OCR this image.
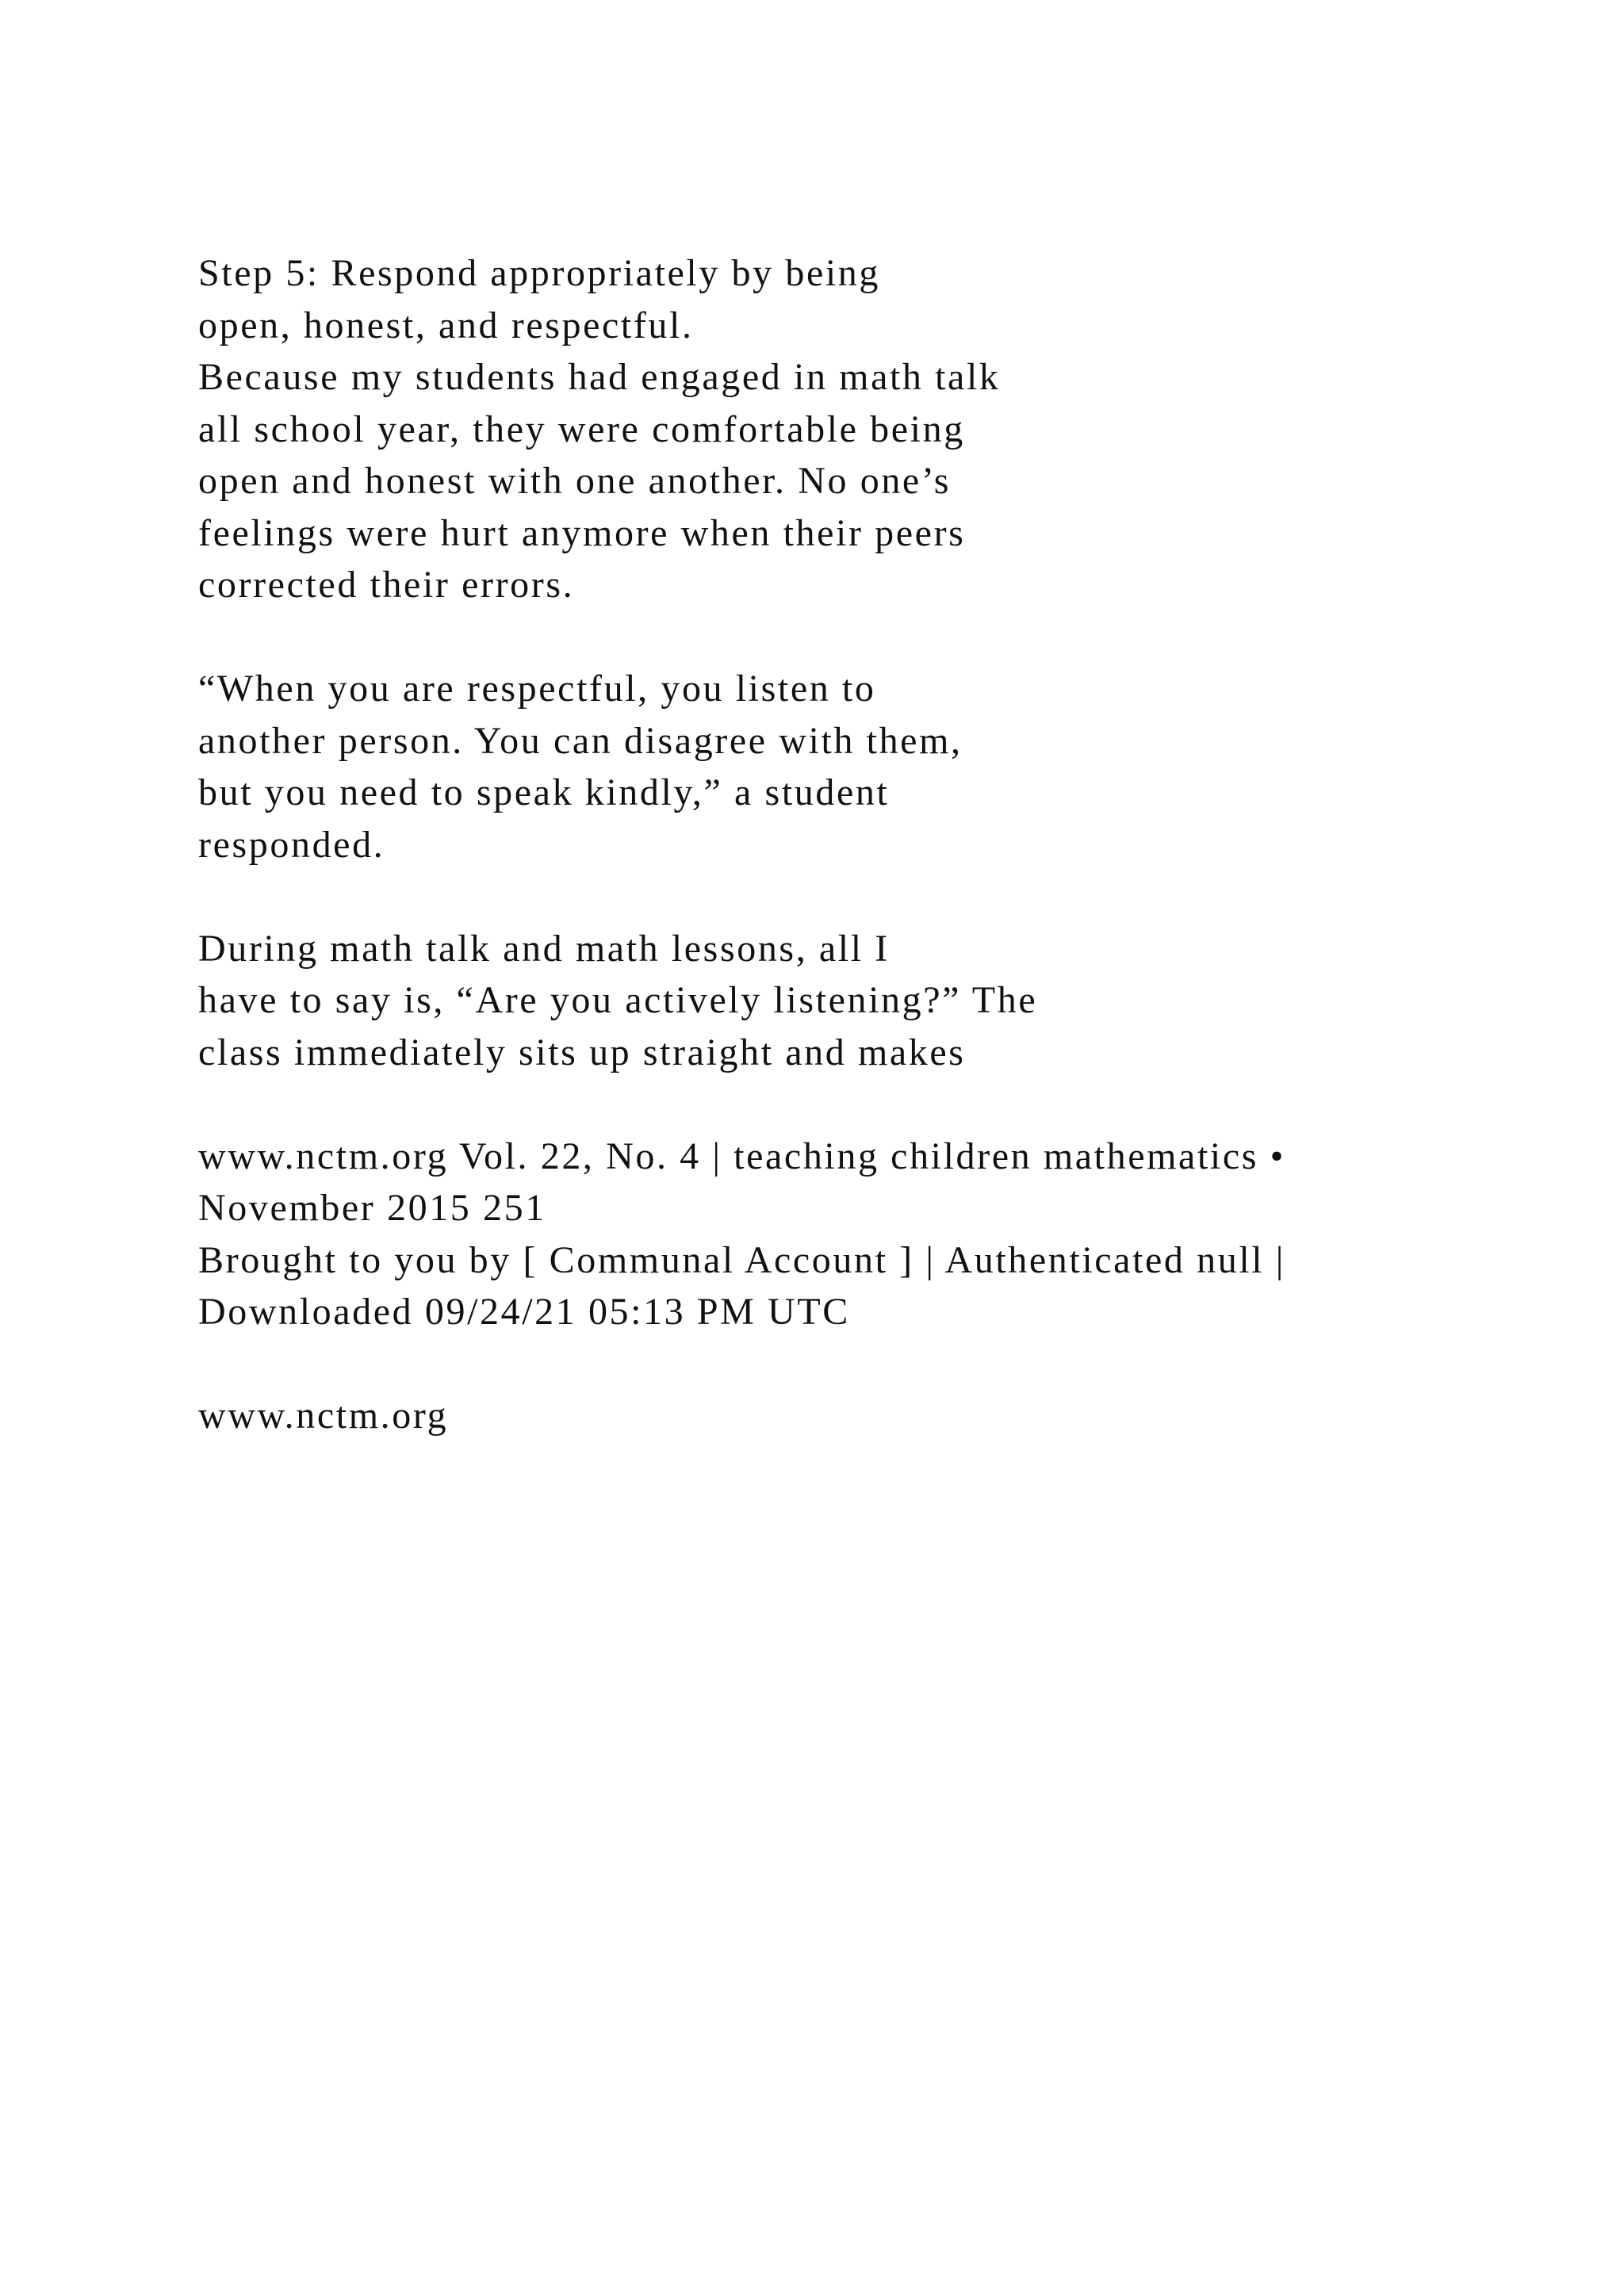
Step 5: Respond appropriately by being
open, honest, and respectful.
Because my students had engaged in math talk
all school year, they were comfortable being
open and honest with one another. No one’s
feelings were hurt anymore when their peers
corrected their errors.
“When you are respectful, you listen to
another person. You can disagree with them,
but you need to speak kindly,” a student
responded.
During math talk and math lessons, all I
have to say is, “Are you actively listening?” The
class immediately sits up straight and makes
www.nctm.org Vol. 22, No. 4 | teaching children mathematics •
November 2015 251
Brought to you by [ Communal Account ] | Authenticated null |
Downloaded 09/24/21 05:13 PM UTC
www.nctm.org
